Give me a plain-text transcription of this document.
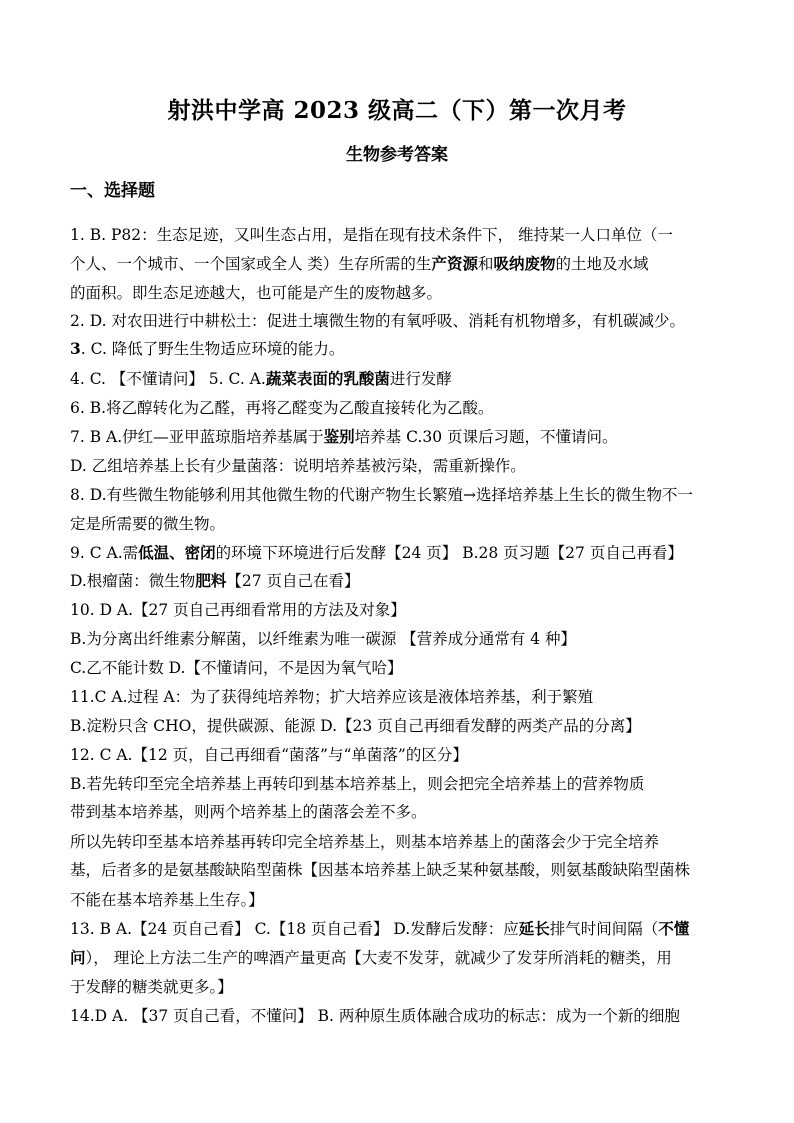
射洪中学高 2023 级高二（下）第一次月考
生物参考答案
一、选择题
1. B. P82：生态足迹，又叫生态占用，是指在现有技术条件下， 维持某一人口单位（一
个人、一个城市、一个国家或全人 类）生存所需的生产资源和吸纳废物的土地及水域
的面积。即生态足迹越大，也可能是产生的废物越多。
2. D. 对农田进行中耕松土：促进土壤微生物的有氧呼吸、消耗有机物增多，有机碳减少。
3. C. 降低了野生生物适应环境的能力。
4. C. 【不懂请问】 5. C. A.蔬菜表面的乳酸菌进行发酵
6. B.将乙醇转化为乙醛，再将乙醛变为乙酸直接转化为乙酸。
7. B A.伊红—亚甲蓝琼脂培养基属于鉴别培养基 C.30 页课后习题，不懂请问。
D. 乙组培养基上长有少量菌落：说明培养基被污染，需重新操作。
8. D.有些微生物能够利用其他微生物的代谢产物生长繁殖→选择培养基上生长的微生物不一
定是所需要的微生物。
9. C A.需低温、密闭的环境下环境进行后发酵【24 页】 B.28 页习题【27 页自己再看】
D.根瘤菌：微生物肥料【27 页自己在看】
10. D A.【27 页自己再细看常用的方法及对象】
B.为分离出纤维素分解菌，以纤维素为唯一碳源 【营养成分通常有 4 种】
C.乙不能计数 D.【不懂请问，不是因为氧气哈】
11.C A.过程 A：为了获得纯培养物；扩大培养应该是液体培养基，利于繁殖
B.淀粉只含 CHO，提供碳源、能源 D.【23 页自己再细看发酵的两类产品的分离】
12. C A.【12 页，自己再细看“菌落”与“单菌落”的区分】
B.若先转印至完全培养基上再转印到基本培养基上，则会把完全培养基上的营养物质
带到基本培养基，则两个培养基上的菌落会差不多。
所以先转印至基本培养基再转印完全培养基上，则基本培养基上的菌落会少于完全培养
基，后者多的是氨基酸缺陷型菌株【因基本培养基上缺乏某种氨基酸，则氨基酸缺陷型菌株
不能在基本培养基上生存。】
13. B A.【24 页自己看】 C.【18 页自己看】 D.发酵后发酵：应延长排气时间间隔（不懂
问）， 理论上方法二生产的啤酒产量更高【大麦不发芽，就减少了发芽所消耗的糖类，用
于发酵的糖类就更多。】
14.D A. 【37 页自己看，不懂问】 B. 两种原生质体融合成功的标志：成为一个新的细胞
